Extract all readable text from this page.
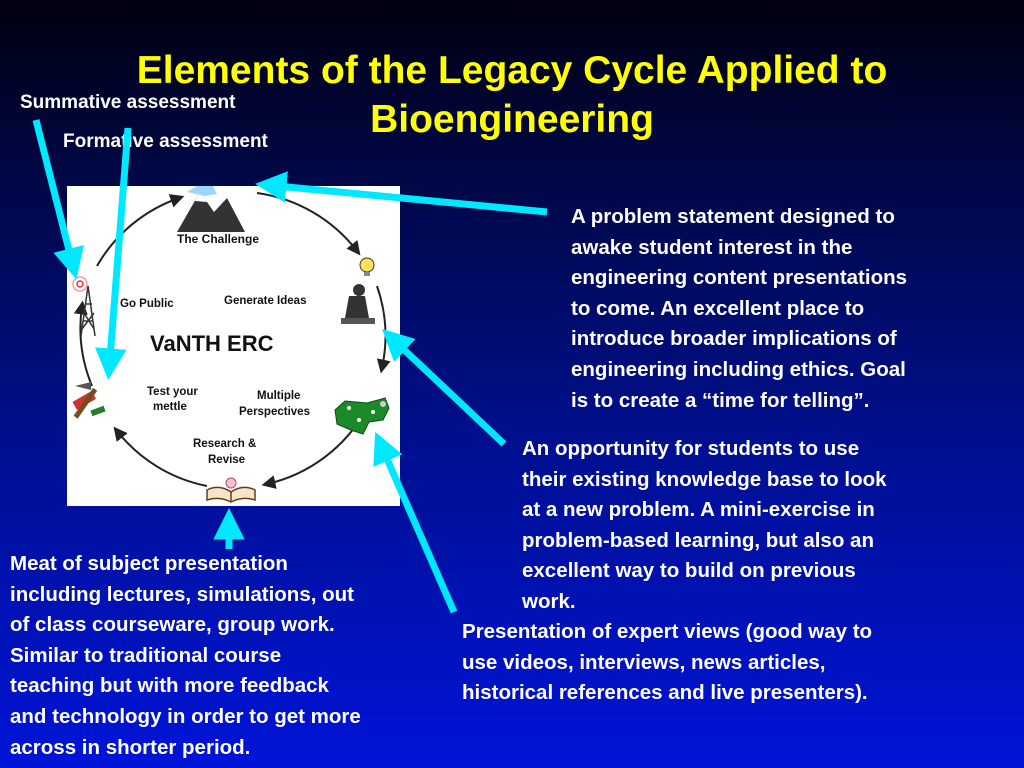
Elements of the Legacy Cycle Applied to
Bioengineering
Summative assessment
Formative assessment
The Challenge
Generate Ideas
VaNTH ERC
Go Public
Test your
mettle
Multiple
Perspectives
Research &
Revise
A problem statement designed to
awake student interest in the
engineering content presentations
to come. An excellent place to
introduce broader implications of
engineering including ethics. Goal
is to create a “time for telling”.
An opportunity for students to use
their existing knowledge base to look
at a new problem. A mini-exercise in
problem-based learning, but also an
excellent way to build on previous
work.
Presentation of expert views (good way to
use videos, interviews, news articles,
historical references and live presenters).
Meat of subject presentation
including lectures, simulations, out
of class courseware, group work.
Similar to traditional course
teaching but with more feedback
and technology in order to get more
across in shorter period.
